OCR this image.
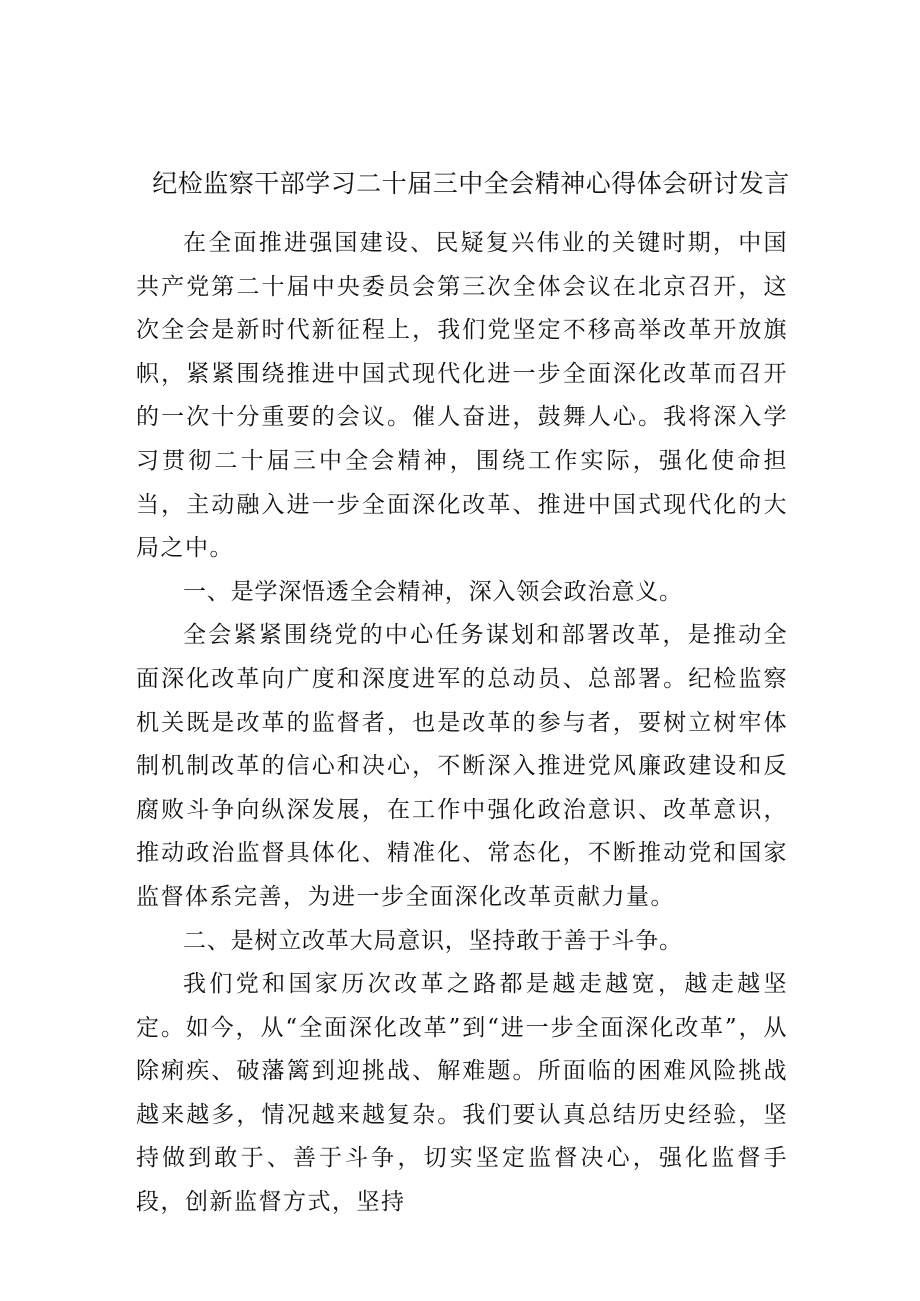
纪检监察干部学习二十届三中全会精神心得体会研讨发言

在全面推进强国建设、民疑复兴伟业的关键时期，中国共产党第二十届中央委员会第三次全体会议在北京召开，这次全会是新时代新征程上，我们党坚定不移高举改革开放旗帜，紧紧围绕推进中国式现代化进一步全面深化改革而召开的一次十分重要的会议。催人奋进，鼓舞人心。我将深入学习贯彻二十届三中全会精神，围绕工作实际，强化使命担当，主动融入进一步全面深化改革、推进中国式现代化的大局之中。

一、是学深悟透全会精神，深入领会政治意义。

全会紧紧围绕党的中心任务谋划和部署改革，是推动全面深化改革向广度和深度进军的总动员、总部署。纪检监察机关既是改革的监督者，也是改革的参与者，要树立树牢体制机制改革的信心和决心，不断深入推进党风廉政建设和反腐败斗争向纵深发展，在工作中强化政治意识、改革意识，推动政治监督具体化、精准化、常态化，不断推动党和国家监督体系完善，为进一步全面深化改革贡献力量。

二、是树立改革大局意识，坚持敢于善于斗争。

我们党和国家历次改革之路都是越走越宽，越走越坚定。如今，从“全面深化改革”到“进一步全面深化改革”，从除痢疾、破藩篱到迎挑战、解难题。所面临的困难风险挑战越来越多，情况越来越复杂。我们要认真总结历史经验，坚持做到敢于、善于斗争，切实坚定监督决心，强化监督手段，创新监督方式，坚持
